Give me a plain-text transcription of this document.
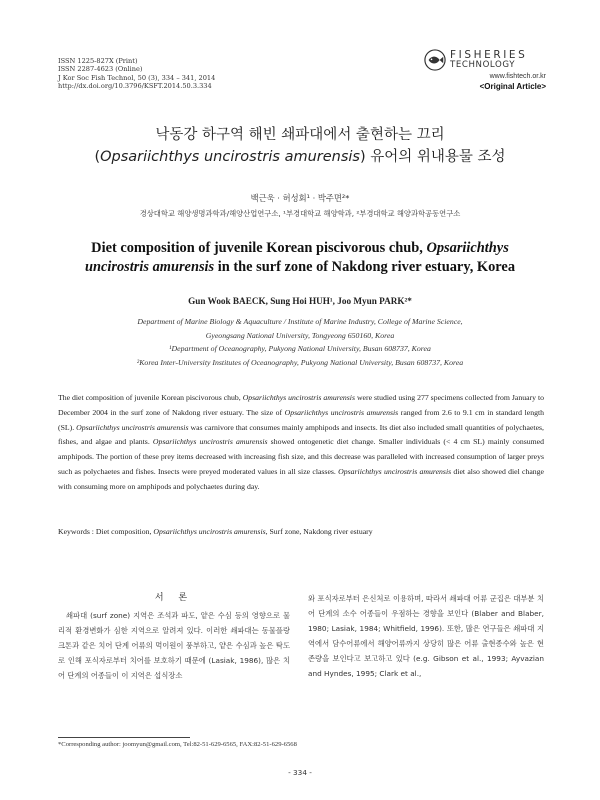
ISSN 1225-827X (Print)
ISSN 2287-4623 (Online)
J Kor Soc Fish Technol, 50 (3), 334 – 341, 2014
http://dx.doi.org/10.3796/KSFT.2014.50.3.334
FISHERIES
TECHNOLOGY
www.fishtech.or.kr
<Original Article>
낙동강 하구역 해빈 쇄파대에서 출현하는 끄리
(Opsariichthys uncirostris amurensis) 유어의 위내용물 조성
백근욱 · 허성회¹ · 박주면²*
경상대학교 해양생명과학과/해양산업연구소, ¹부경대학교 해양학과, ²부경대학교 해양과학공동연구소
Diet composition of juvenile Korean piscivorous chub, Opsariichthys
uncirostris amurensis in the surf zone of Nakdong river estuary, Korea
Gun Wook BAECK, Sung Hoi HUH¹, Joo Myun PARK²*
Department of Marine Biology & Aquaculture / Institute of Marine Industry, College of Marine Science,
Gyeongsang National University, Tongyeong 650160, Korea
¹Department of Oceanography, Pukyong National University, Busan 608737, Korea
²Korea Inter-University Institutes of Oceanography, Pukyong National University, Busan 608737, Korea
The diet composition of juvenile Korean piscivorous chub, Opsariichthys uncirostris amurensis were studied using 277 specimens collected from January to December 2004 in the surf zone of Nakdong river estuary. The size of Opsariichthys uncirostris amurensis ranged from 2.6 to 9.1 cm in standard length (SL). Opsariichthys uncirostris amurensis was carnivore that consumes mainly amphipods and insects. Its diet also included small quantities of polychaetes, fishes, and algae and plants. Opsariichthys uncirostris amurensis showed ontogenetic diet change. Smaller individuals (< 4 cm SL) mainly consumed amphipods. The portion of these prey items decreased with increasing fish size, and this decrease was paralleled with increased consumption of larger preys such as polychaetes and fishes. Insects were preyed moderated values in all size classes. Opsariichthys uncirostris amurensis diet also showed diel change with consuming more on amphipods and polychaetes during day.
Keywords : Diet composition, Opsariichthys uncirostris amurensis, Surf zone, Nakdong river estuary
서 론

쇄파대 (surf zone) 지역은 조석과 파도, 얕은 수심 등의 영향으로 물리적 환경변화가 심한 지역으로 알려져 있다. 이러한 쇄파대는 동물플랑크톤과 같은 치어 단계 어류의 먹이원이 풍부하고, 얕은 수심과 높은 탁도로 인해 포식자로부터 치어를 보호하기 때문에 (Lasiak, 1986), 많은 치어 단계의 어종들이 이 지역은 섭식장소

와 포식자로부터 은신처로 이용하며, 따라서 쇄파대 어류 군집은 대부분 치어 단계의 소수 어종들이 우점하는 경향을 보인다 (Blaber and Blaber, 1980; Lasiak, 1984; Whitfield, 1996). 또한, 많은 연구들은 쇄파대 지역에서 담수어류에서 해양어류까지 상당히 많은 어류 출현종수와 높은 현존량을 보인다고 보고하고 있다 (e.g. Gibson et al., 1993; Ayvazian and Hyndes, 1995; Clark et al.,

*Corresponding author: joomyun@gmail.com, Tel:82-51-629-6565, FAX:82-51-629-6568
- 334 -
